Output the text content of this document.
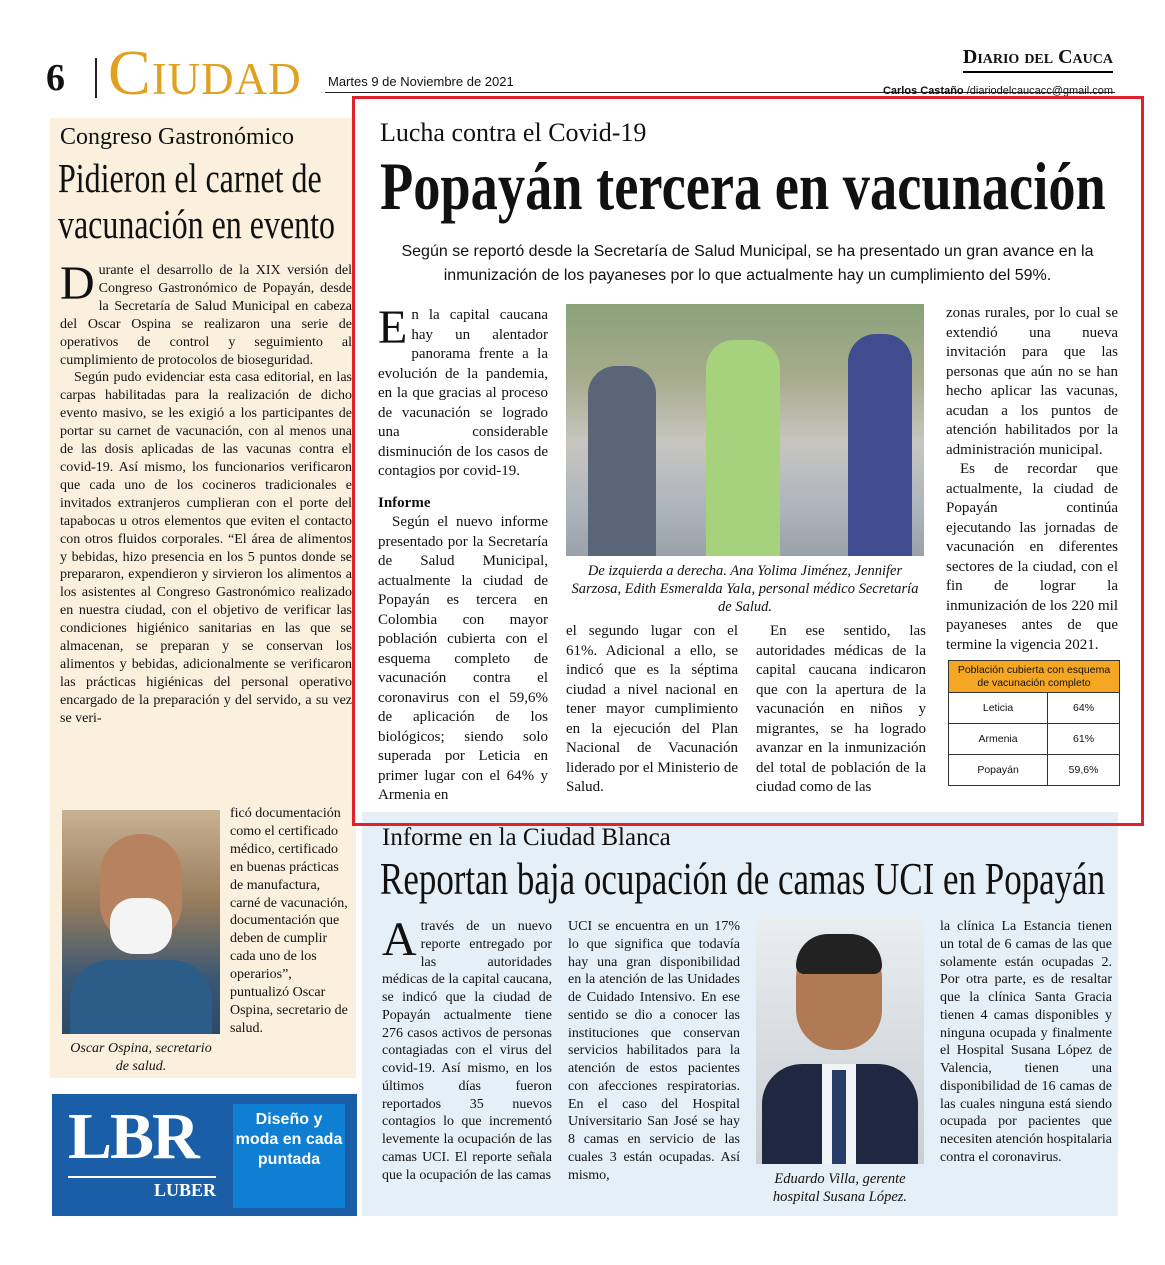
6 Ciudad Martes 9 de Noviembre de 2021
Diario del Cauca
Carlos Castaño /diariodelcaucacc@gmail.com
Congreso Gastronómico
Pidieron el carnet de vacunación en evento

Durante el desarrollo de la XIX versión del Congreso Gastronómico de Popayán, desde la Secretaría de Salud Municipal en cabeza del Oscar Ospina se realizaron una serie de operativos de control y seguimiento al cumplimiento de protocolos de bioseguridad.

Según pudo evidenciar esta casa editorial, en las carpas habilitadas para la realización de dicho evento masivo, se les exigió a los participantes de portar su carnet de vacunación, con al menos una de las dosis aplicadas de las vacunas contra el covid-19. Así mismo, los funcionarios verificaron que cada uno de los cocineros tradicionales e invitados extranjeros cumplieran con el porte del tapabocas u otros elementos que eviten el contacto con otros fluidos corporales. “El área de alimentos y bebidas, hizo presencia en los 5 puntos donde se prepararon, expendieron y sirvieron los alimentos a los asistentes al Congreso Gastronómico realizado en nuestra ciudad, con el objetivo de verificar las condiciones higiénico sanitarias en las que se almacenan, se preparan y se conservan los alimentos y bebidas, adicionalmente se verificaron las prácticas higiénicas del personal operativo encargado de la preparación y del servido, a su vez se veri-

ficó documentación como el certificado médico, certificado en buenas prácticas de manufactura, carné de vacunación, documentación que deben de cumplir cada uno de los operarios”, puntualizó Oscar Ospina, secretario de salud.
Oscar Ospina, secretario de salud.
LBR
LUBER
Diseño y moda en cada puntada
Informe en la Ciudad Blanca
Reportan baja ocupación de camas UCI en Popayán
Através de un nuevo reporte entregado por las autoridades médicas de la capital caucana, se indicó que la ciudad de Popayán actualmente tiene 276 casos activos de personas contagiadas con el virus del covid-19. Así mismo, en los últimos días fueron reportados 35 nuevos contagios lo que incrementó levemente la ocupación de las camas UCI. El reporte señala que la ocupación de las camas
UCI se encuentra en un 17% lo que significa que todavía hay una gran disponibilidad en la atención de las Unidades de Cuidado Intensivo. En ese sentido se dio a conocer las instituciones que conservan servicios habilitados para la atención de estos pacientes con afecciones respiratorias. En el caso del Hospital Universitario San José se hay 8 camas en servicio de las cuales 3 están ocupadas. Así mismo,	Eduardo Villa, gerente hospital Susana López.
la clínica La Estancia tienen un total de 6 camas de las que solamente están ocupadas 2. Por otra parte, es de resaltar que la clínica Santa Gracia tienen 4 camas disponibles y ninguna ocupada y finalmente el Hospital Susana López de Valencia, tienen una disponibilidad de 16 camas de las cuales ninguna está siendo ocupada por pacientes que necesiten atención hospitalaria contra el coronavirus.
Lucha contra el Covid-19
Popayán tercera en vacunación
Según se reportó desde la Secretaría de Salud Municipal, se ha presentado un gran avance en la inmunización de los payaneses por lo que actualmente hay un cumplimiento del 59%.

En la capital caucana hay un alentador panorama frente a la evolución de la pandemia, en la que gracias al proceso de vacunación se logrado una considerable disminución de los casos de contagios por covid-19.

Informe

Según el nuevo informe presentado por la Secretaría de Salud Municipal, actualmente la ciudad de Popayán es tercera en Colombia con mayor población cubierta con el esquema completo de vacunación contra el coronavirus con el 59,6% de aplicación de los biológicos; siendo solo superada por Leticia en primer lugar con el 64% y Armenia en

De izquierda a derecha. Ana Yolima Jiménez, Jennifer Sarzosa, Edith Esmeralda Yala, personal médico Secretaría de Salud.

el segundo lugar con el 61%. Adicional a ello, se indicó que es la séptima ciudad a nivel nacional en tener mayor cumplimiento en la ejecución del Plan Nacional de Vacunación liderado por el Ministerio de Salud.

En ese sentido, las autoridades médicas de la capital caucana indicaron que con la apertura de la vacunación en niños y migrantes, se ha logrado avanzar en la inmunización del total de población de la ciudad como de las

zonas rurales, por lo cual se extendió una nueva invitación para que las personas que aún no se han hecho aplicar las vacunas, acudan a los puntos de atención habilitados por la administración municipal.

Es de recordar que actualmente, la ciudad de Popayán continúa ejecutando las jornadas de vacunación en diferentes sectores de la ciudad, con el fin de lograr la inmunización de los 220 mil payaneses antes de que termine la vigencia 2021.

Población cubierta con esquema de vacunación completo	
Leticia	64%
Armenia	61%
Popayán	59,6%
